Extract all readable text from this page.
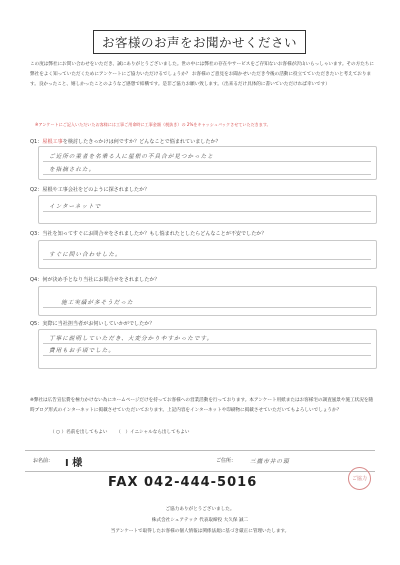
お客様のお声をお聞かせください
この度は弊社にお問い合わせをいただき、誠にありがとうございました。世の中には弊社の存在やサービスをご存知ないお客様が沢山いらっしゃいます。その方たちに弊社をよく知っていただくためにアンケートにご協力いただけるでしょうか？ お客様のご意見をお聞かせいただき今後の活動に役立てていただきたいと考えております。良かったこと、嬉しかったことのようなご感想で結構です。是非ご協力お願い致します。（出来るだけ具体的に書いていただければ幸いです）
※アンケートにご記入いただいたお客様には工事ご用命時に工事金額（税抜き）の 2%をキャッシュバックさせていただきます。
Q1：屋根工事を検討したきっかけは何ですか？どんなことで悩まれていましたか？
ご近所の業者を名乗る人に屋根の不具合が見つかったと
を指摘された。
Q2：屋根や工事会社をどのように探されましたか？
インターネットで
Q3：当社を知ってすぐにお問合せをされましたか？もし悩まれたとしたらどんなことが不安でしたか？
すぐに問い合わせした。
Q4：何が決め手となり当社にお問合せをされましたか？
施工実績が多そうだった
Q5：実際に当社担当者がお伺いしていかがでしたか？
丁寧に説明していただき、大変分かりやすかったです。
費用もお手頃でした。
※弊社は広告宣伝費を極力かけない為にホームページだけを持ってお客様への営業活動を行っております。本アンケート用紙またはお客様宅の調査風景や施工状況を随時ブログ形式のインターネットに掲載させていただいております。上記内容をインターネットや印刷物に掲載させていただいてもよろしいでしょうか？
（ ○ ）名前を出してもよい （　）イニシャルなら出してもよい
お名前： I 様	ご住所： 三鷹市井の頭
FAX 042-444-5016	ご協力
ご協力ありがとうございました。
株式会社シェアテック 代表取締役 大久保 誠二
当アンケートで取得したお客様の個人情報は関係法規に基づき厳正に管理いたします。
